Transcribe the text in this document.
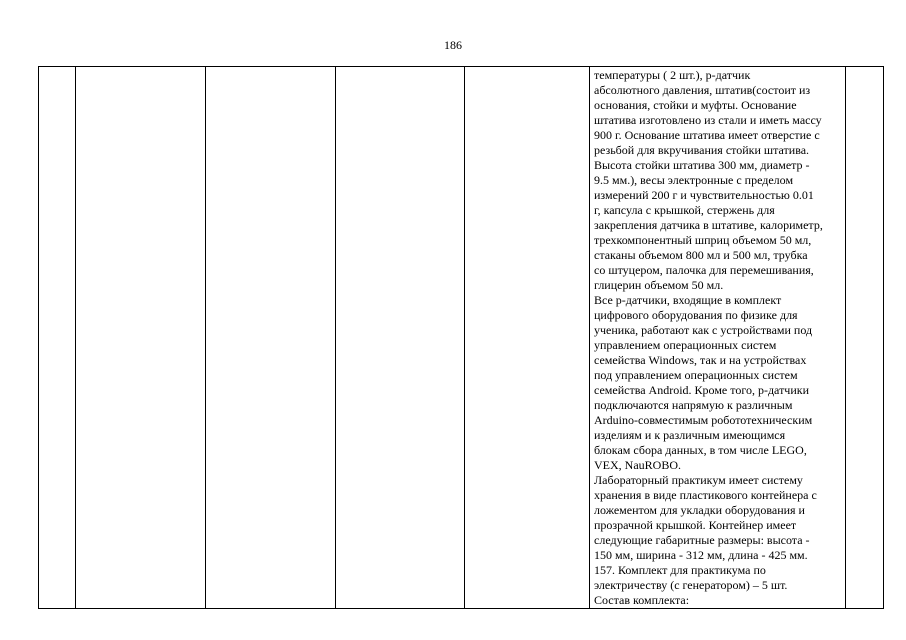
186

температуры ( 2 шт.), р-датчик
абсолютного давления, штатив(состоит из
основания, стойки и муфты. Основание
штатива изготовлено из стали и иметь массу
900 г. Основание штатива имеет отверстие с
резьбой для вкручивания стойки штатива.
Высота стойки штатива 300 мм, диаметр -
9.5 мм.), весы электронные с пределом
измерений 200 г и чувствительностью 0.01
г, капсула с крышкой, стержень для
закрепления датчика в штативе, калориметр,
трехкомпонентный шприц объемом 50 мл,
стаканы объемом 800 мл и 500 мл, трубка
со штуцером, палочка для перемешивания,
глицерин объемом 50 мл.
Все р-датчики, входящие в комплект
цифрового оборудования по физике для
ученика, работают как с устройствами под
управлением операционных систем
семейства Windows, так и на устройствах
под управлением операционных систем
семейства Android. Кроме того, р-датчики
подключаются напрямую к различным
Arduino-совместимым робототехническим
изделиям и к различным имеющимся
блокам сбора данных, в том числе LEGO,
VEX, NauROBO.
Лабораторный практикум имеет систему
хранения в виде пластикового контейнера с
ложементом для укладки оборудования и
прозрачной крышкой. Контейнер имеет
следующие габаритные размеры: высота -
150 мм, ширина - 312 мм, длина - 425 мм.
157. Комплект для практикума по
электричеству (с генератором) – 5 шт.
Состав комплекта:
